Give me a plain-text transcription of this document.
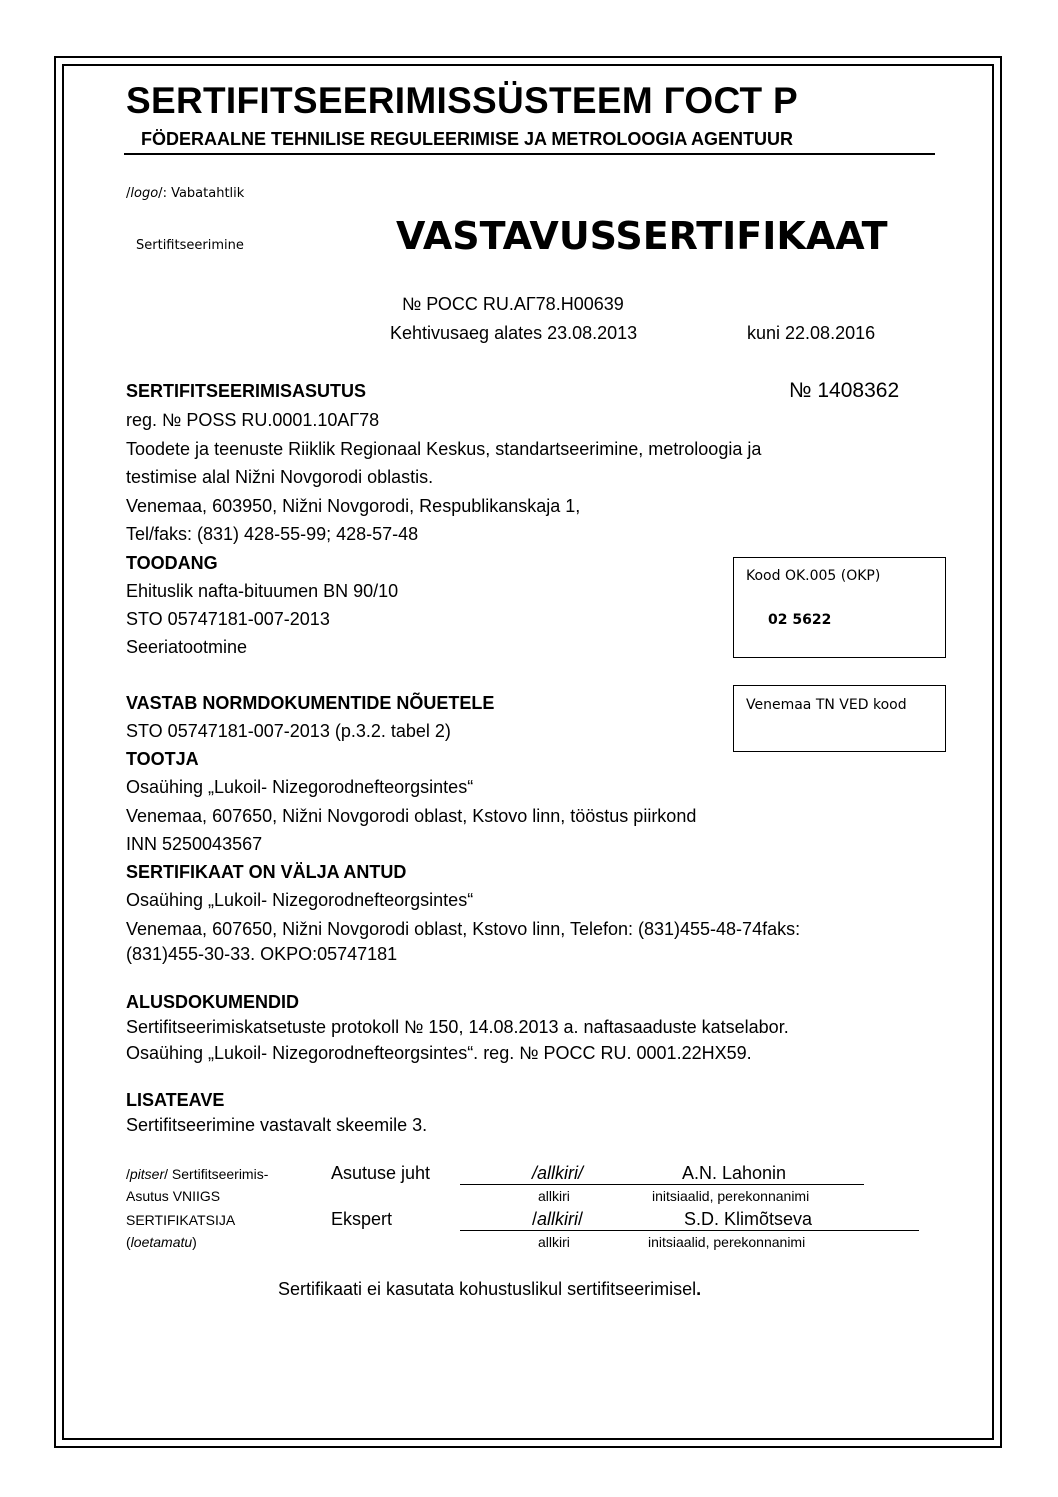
SERTIFITSEERIMISSÜSTEEM ГОСТ Р
FÖDERAALNE TEHNILISE REGULEERIMISE JA METROLOOGIA AGENTUUR
/logo/: Vabatahtlik
Sertifitseerimine	VASTAVUSSERTIFIKAAT
№ РОСС RU.АГ78.Н00639
Kehtivusaeg alates 23.08.2013	kuni 22.08.2016
SERTIFITSEERIMISASUTUS	№ 1408362
reg. № POSS RU.0001.10АГ78
Toodete ja teenuste Riiklik Regionaal Keskus, standartseerimine, metroloogia ja
testimise alal Nižni Novgorodi oblastis.
Venemaa, 603950, Nižni Novgorodi, Respublikanskaja 1,
Tel/faks: (831) 428-55-99; 428-57-48
TOODANG
Ehituslik nafta-bituumen BN 90/10
STO 05747181-007-2013
Seeriatootmine
Kood OK.005 (OKP)
02 5622
Venemaa TN VED kood
VASTAB NORMDOKUMENTIDE NÕUETELE
STO 05747181-007-2013 (p.3.2. tabel 2)
TOOTJA
Osaühing „Lukoil- Nizegorodnefteorgsintes“
Venemaa, 607650, Nižni Novgorodi oblast, Kstovo linn, tööstus piirkond
INN 5250043567
SERTIFIKAAT ON VÄLJA ANTUD
Osaühing „Lukoil- Nizegorodnefteorgsintes“
Venemaa, 607650, Nižni Novgorodi oblast, Kstovo linn, Telefon: (831)455-48-74faks:
(831)455-30-33. OKPO:05747181
ALUSDOKUMENDID
Sertifitseerimiskatsetuste protokoll № 150, 14.08.2013 a. naftasaaduste katselabor.
Osaühing „Lukoil- Nizegorodnefteorgsintes“. reg. № POCC RU. 0001.22НХ59.
LISATEAVE
Sertifitseerimine vastavalt skeemile 3.
/pitser/ Sertifitseerimis-
Asutus VNIIGS
SERTIFIKATSIJA
(loetamatu)
Asutuse juht	/allkiri/	A.N. Lahonin
allkiri	initsiaalid, perekonnanimi
Ekspert	/allkiri/	S.D. Klimõtseva
allkiri	initsiaalid, perekonnanimi
Sertifikaati ei kasutata kohustuslikul sertifitseerimisel.
